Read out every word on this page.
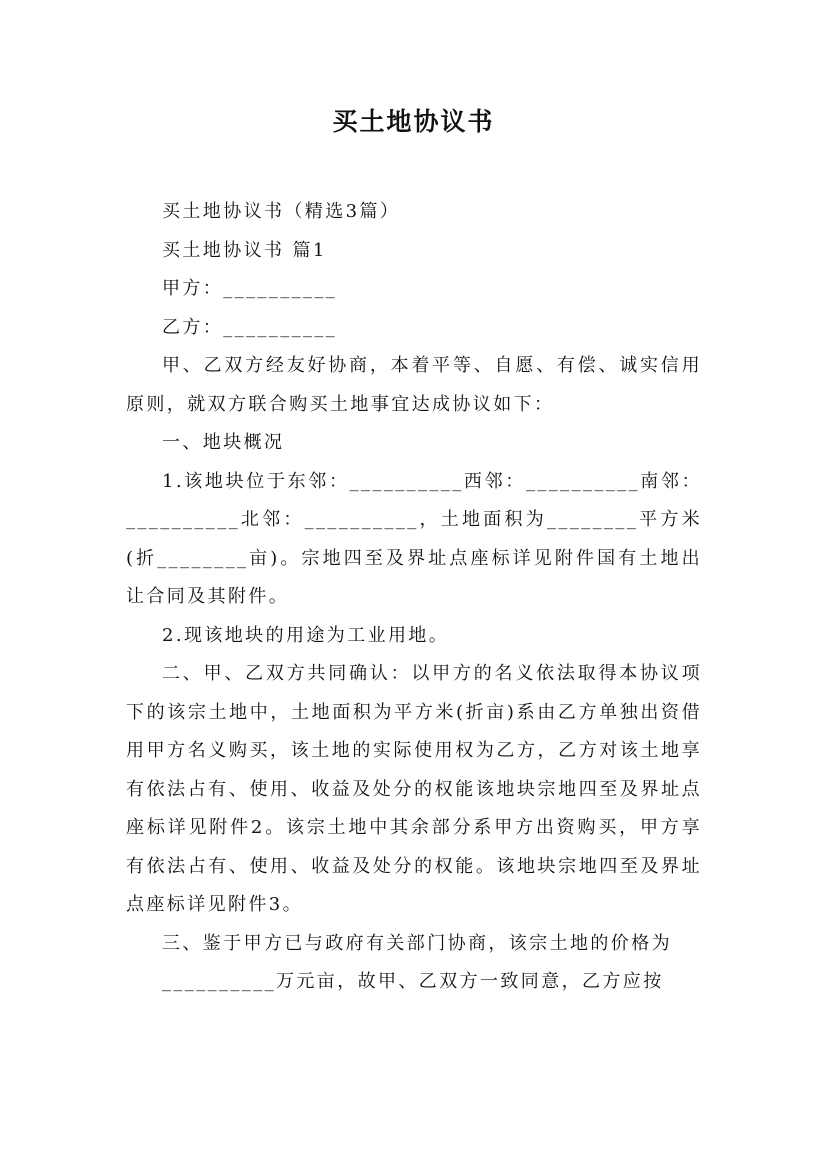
买土地协议书

买土地协议书（精选3篇）

买土地协议书 篇1

甲方：__________

乙方：__________

甲、乙双方经友好协商，本着平等、自愿、有偿、诚实信用原则，就双方联合购买土地事宜达成协议如下：

一、地块概况

1.该地块位于东邻：__________西邻：__________南邻：__________北邻：__________，土地面积为________平方米(折________亩)。宗地四至及界址点座标详见附件国有土地出让合同及其附件。

2.现该地块的用途为工业用地。

二、甲、乙双方共同确认：以甲方的名义依法取得本协议项下的该宗土地中，土地面积为平方米(折亩)系由乙方单独出资借用甲方名义购买，该土地的实际使用权为乙方，乙方对该土地享有依法占有、使用、收益及处分的权能该地块宗地四至及界址点座标详见附件2。该宗土地中其余部分系甲方出资购买，甲方享有依法占有、使用、收益及处分的权能。该地块宗地四至及界址点座标详见附件3。

三、鉴于甲方已与政府有关部门协商，该宗土地的价格为

__________万元亩，故甲、乙双方一致同意，乙方应按
